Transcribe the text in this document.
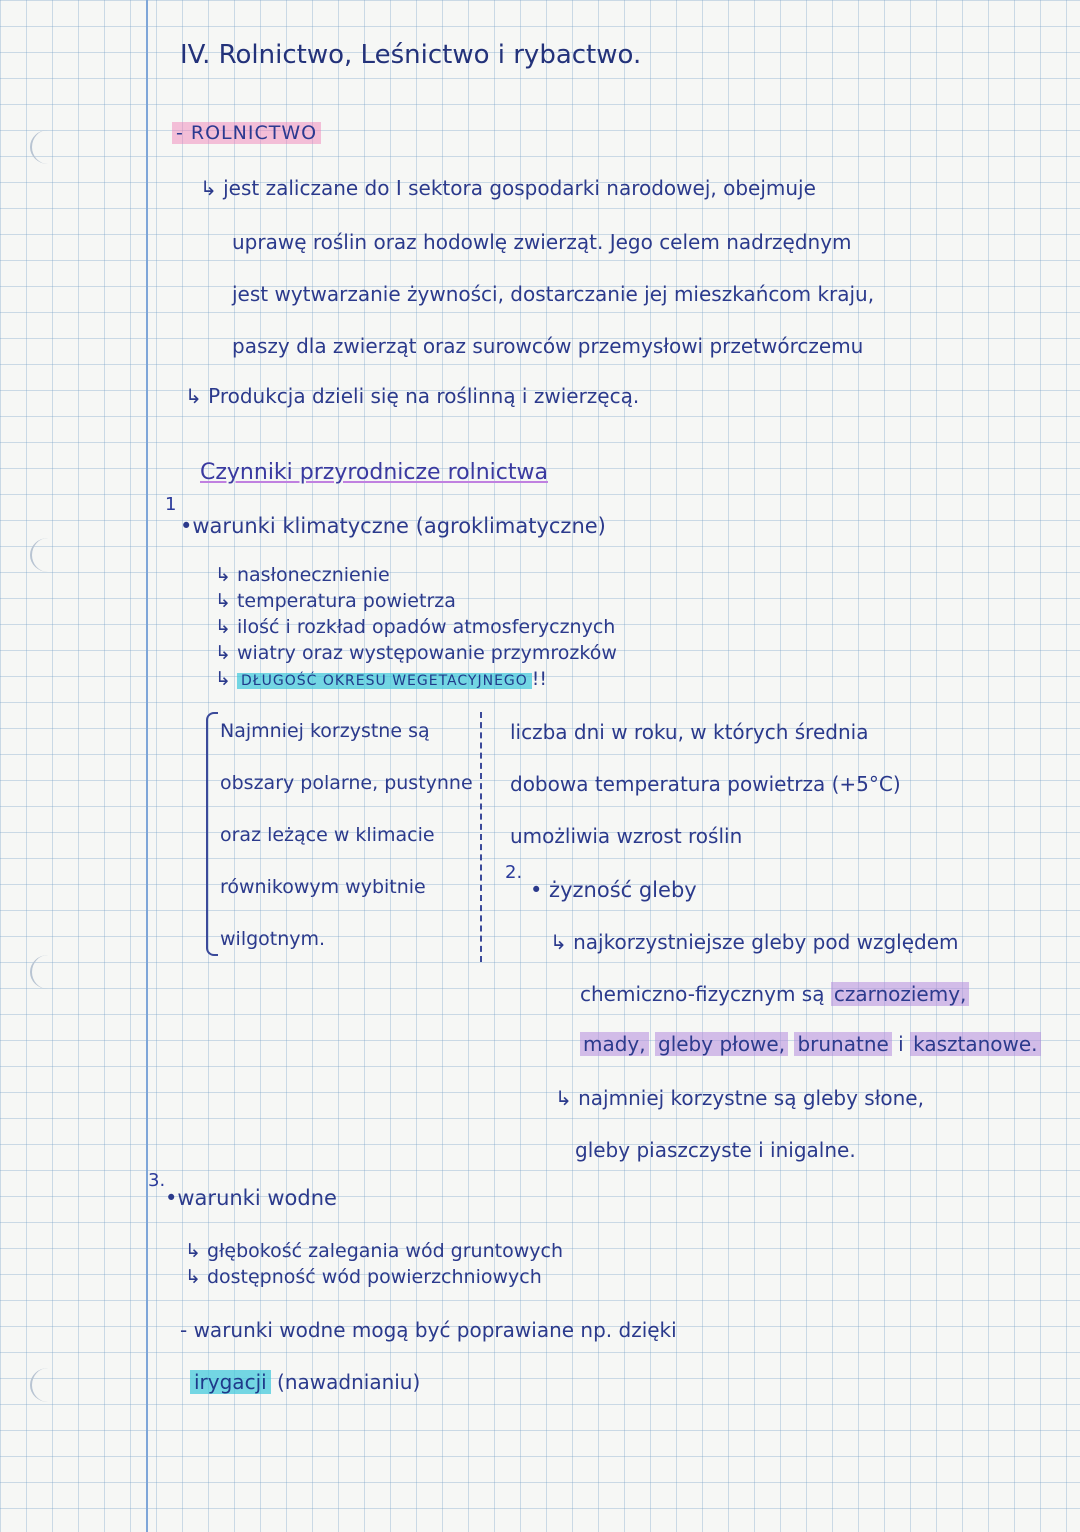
IV. Rolnictwo, Leśnictwo i rybactwo.
- ROLNICTWO
↳ jest zaliczane do I sektora gospodarki narodowej, obejmuje
uprawę roślin oraz hodowlę zwierząt. Jego celem nadrzędnym
jest wytwarzanie żywności, dostarczanie jej mieszkańcom kraju,
paszy dla zwierząt oraz surowców przemysłowi przetwórczemu
↳ Produkcja dzieli się na roślinną i zwierzęcą.
Czynniki przyrodnicze rolnictwa
1
•warunki klimatyczne (agroklimatyczne)
↳ nasłonecznienie
↳ temperatura powietrza
↳ ilość i rozkład opadów atmosferycznych
↳ wiatry oraz występowanie przymrozków
↳ DŁUGOŚĆ OKRESU WEGETACYJNEGO !!
Najmniej korzystne są
obszary polarne, pustynne
oraz leżące w klimacie
równikowym wybitnie
wilgotnym.
liczba dni w roku, w których średnia
dobowa temperatura powietrza (+5°C)
umożliwia wzrost roślin
2.
• żyzność gleby
↳ najkorzystniejsze gleby pod względem
chemiczno-fizycznym są czarnoziemy,
mady, gleby płowe, brunatne i kasztanowe.
↳ najmniej korzystne są gleby słone,
gleby piaszczyste i inigalne.
3.
•warunki wodne
↳ głębokość zalegania wód gruntowych
↳ dostępność wód powierzchniowych
- warunki wodne mogą być poprawiane np. dzięki
irygacji (nawadnianiu)
